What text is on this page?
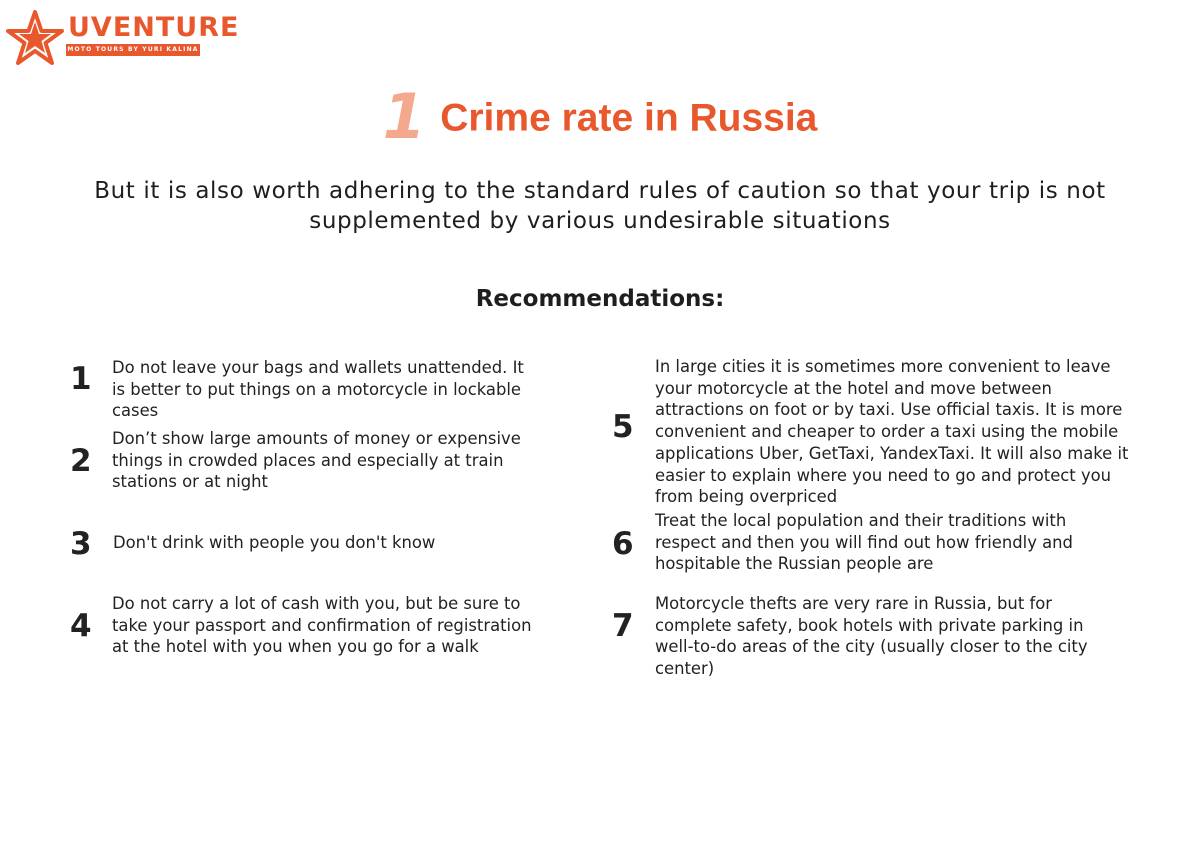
UVENTURE
MOTO TOURS BY YURI KALINA
1 Crime rate in Russia
But it is also worth adhering to the standard rules of caution so that your trip is not supplemented by various undesirable situations
Recommendations:
1 Do not leave your bags and wallets unattended. It is better to put things on a motorcycle in lockable cases
2
Don’t show large amounts of money or expensive things in crowded places and especially at train stations or at night
3 Don't drink with people you don't know
4
Do not carry a lot of cash with you, but be sure to take your passport and confirmation of registration at the hotel with you when you go for a walk
5
In large cities it is sometimes more convenient to leave your motorcycle at the hotel and move between attractions on foot or by taxi. Use official taxis. It is more convenient and cheaper to order a taxi using the mobile applications Uber, GetTaxi, YandexTaxi. It will also make it easier to explain where you need to go and protect you from being overpriced
6
Treat the local population and their traditions with respect and then you will find out how friendly and hospitable the Russian people are
7
Motorcycle thefts are very rare in Russia, but for complete safety, book hotels with private parking in well-to-do areas of the city (usually closer to the city center)
